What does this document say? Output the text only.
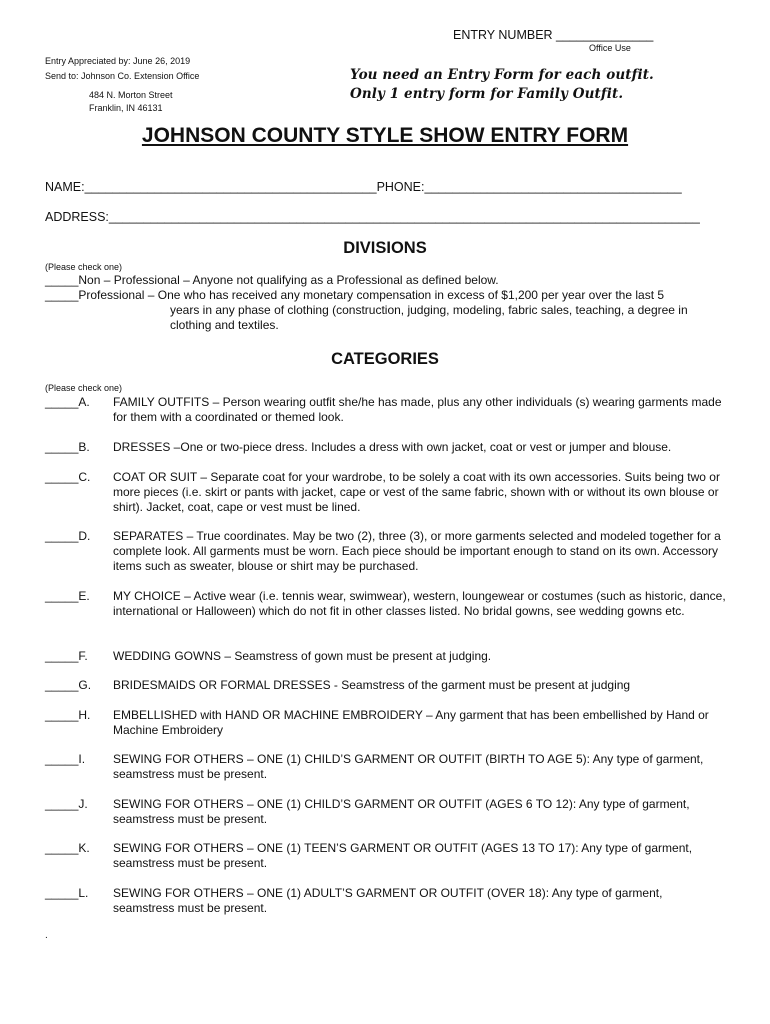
ENTRY NUMBER ______________
Office Use
Entry Appreciated by: June 26, 2019
Send to: Johnson Co. Extension Office
484 N. Morton Street
Franklin, IN 46131
You need an Entry Form for each outfit.
Only 1 entry form for Family Outfit.
JOHNSON COUNTY STYLE SHOW ENTRY FORM
NAME:__________________________________________PHONE:_____________________________________
ADDRESS:_____________________________________________________________________________________
DIVISIONS
(Please check one)
_____Non – Professional – Anyone not qualifying as a Professional as defined below.
_____Professional – One who has received any monetary compensation in excess of $1,200 per year over the last 5
years in any phase of clothing (construction, judging, modeling, fabric sales, teaching, a degree in clothing and textiles.
CATEGORIES
(Please check one)
_____A. FAMILY OUTFITS – Person wearing outfit she/he has made, plus any other individuals (s) wearing garments made for them with a coordinated or themed look.
_____B. DRESSES –One or two-piece dress. Includes a dress with own jacket, coat or vest or jumper and blouse.
_____C. COAT OR SUIT – Separate coat for your wardrobe, to be solely a coat with its own accessories. Suits being two or more pieces (i.e. skirt or pants with jacket, cape or vest of the same fabric, shown with or without its own blouse or shirt). Jacket, coat, cape or vest must be lined.
_____D. SEPARATES – True coordinates. May be two (2), three (3), or more garments selected and modeled together for a complete look. All garments must be worn. Each piece should be important enough to stand on its own. Accessory items such as sweater, blouse or shirt may be purchased.
_____E. MY CHOICE – Active wear (i.e. tennis wear, swimwear), western, loungewear or costumes (such as historic, dance, international or Halloween) which do not fit in other classes listed. No bridal gowns, see wedding gowns etc.
_____F. WEDDING GOWNS – Seamstress of gown must be present at judging.
_____G. BRIDESMAIDS OR FORMAL DRESSES - Seamstress of the garment must be present at judging
_____H. EMBELLISHED with HAND OR MACHINE EMBROIDERY – Any garment that has been embellished by Hand or Machine Embroidery
_____I. SEWING FOR OTHERS – ONE (1) CHILD’S GARMENT OR OUTFIT (BIRTH TO AGE 5): Any type of garment, seamstress must be present.
_____J. SEWING FOR OTHERS – ONE (1) CHILD’S GARMENT OR OUTFIT (AGES 6 TO 12): Any type of garment, seamstress must be present.
_____K. SEWING FOR OTHERS – ONE (1) TEEN’S GARMENT OR OUTFIT (AGES 13 TO 17): Any type of garment, seamstress must be present.
_____L. SEWING FOR OTHERS – ONE (1) ADULT’S GARMENT OR OUTFIT (OVER 18): Any type of garment, seamstress must be present.
.
